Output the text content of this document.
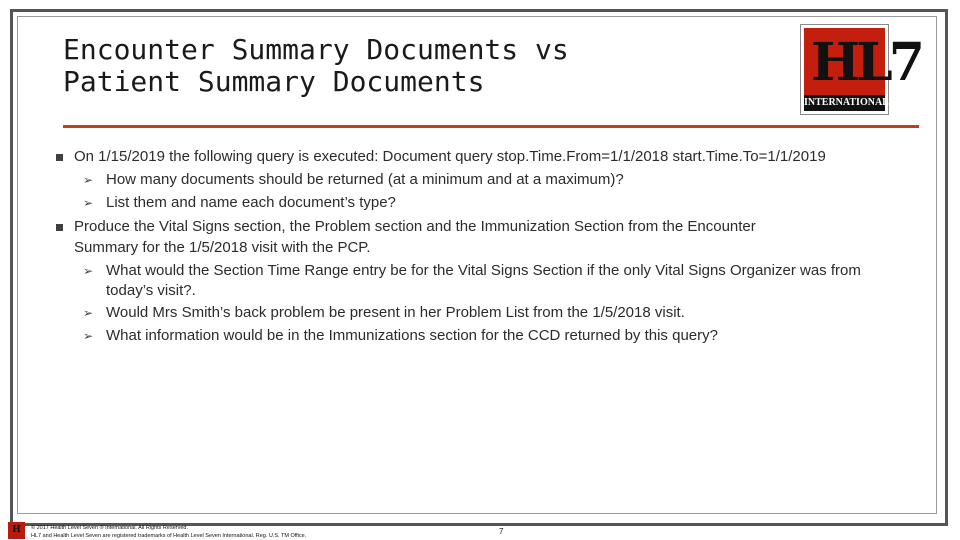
Encounter Summary Documents vs
Patient Summary Documents	HL7
INTERNATIONAL
On 1/15/2019 the following query is executed: Document query stop.Time.From=1/1/2018 start.Time.To=1/1/2019
➢ How many documents should be returned (at a minimum and at a maximum)?
➢ List them and name each document’s type?
Produce the Vital Signs section, the Problem section and the Immunization Section from the Encounter
Summary for the 1/5/2018 visit with the PCP.
➢ What would the Section Time Range entry be for the Vital Signs Section if the only Vital Signs Organizer was from
today’s visit?.
➢ Would Mrs Smith’s back problem be present in her Problem List from the 1/5/2018 visit.
➢ What information would be in the Immunizations section for the CCD returned by this query?
H	© 2017 Health Level Seven ® International. All Rights Reserved.
HL7 and Health Level Seven are registered trademarks of Health Level Seven International. Reg. U.S. TM Office.	7
